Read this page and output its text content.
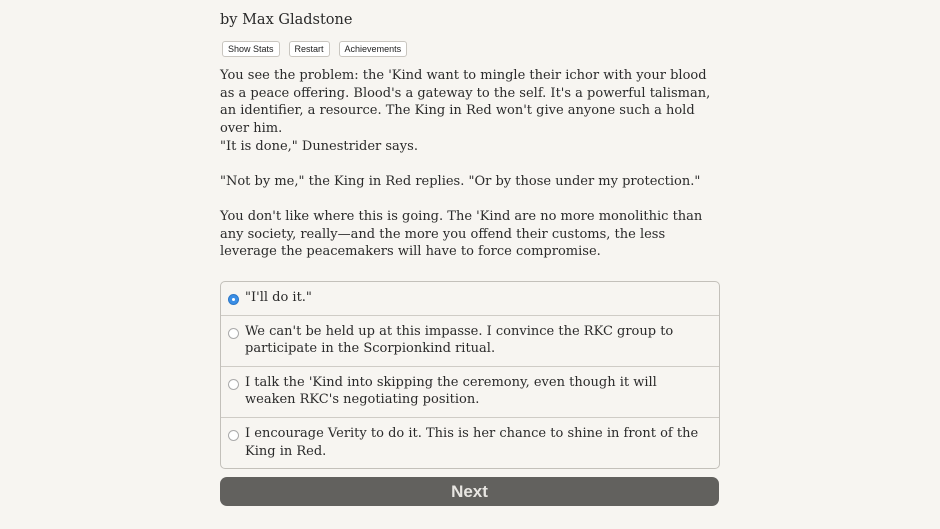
by Max Gladstone
Show Stats	Restart	Achievements
You see the problem: the 'Kind want to mingle their ichor with your blood as a peace offering. Blood's a gateway to the self. It's a powerful talisman, an identifier, a resource. The King in Red won't give anyone such a hold over him.
"It is done," Dunestrider says.
"Not by me," the King in Red replies. "Or by those under my protection."
You don't like where this is going. The 'Kind are no more monolithic than any society, really—and the more you offend their customs, the less leverage the peacemakers will have to force compromise.
"I'll do it."
We can't be held up at this impasse. I convince the RKC group to participate in the Scorpionkind ritual.
I talk the 'Kind into skipping the ceremony, even though it will weaken RKC's negotiating position.
I encourage Verity to do it. This is her chance to shine in front of the King in Red.
Next
